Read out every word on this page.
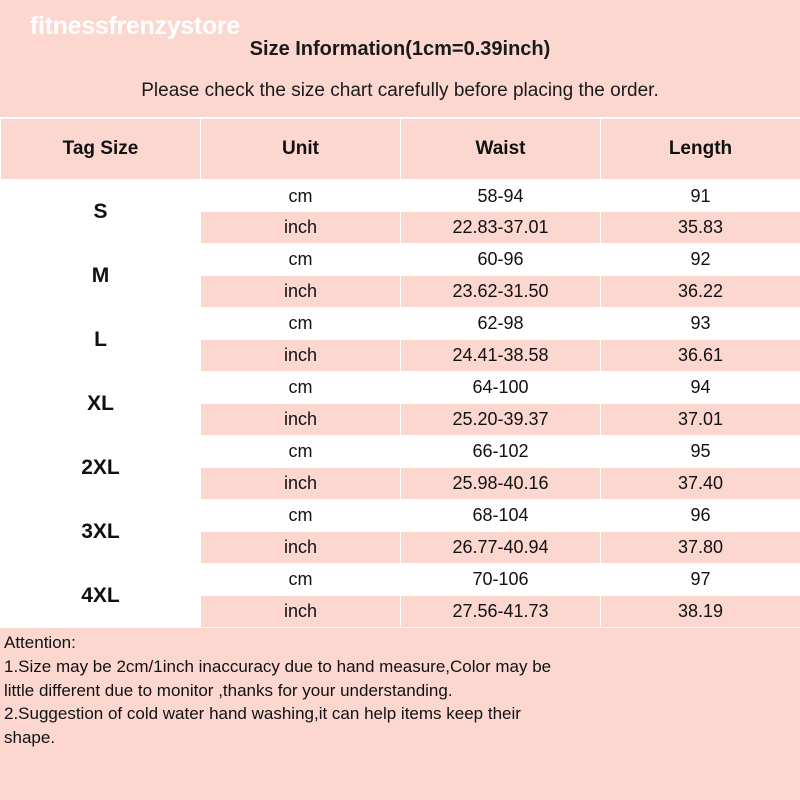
fitnessfrenzystore
Size Information(1cm=0.39inch)
Please check the size chart carefully before placing the order.
Tag Size	Unit	Waist	Length
S	cm	58-94	91
	inch	22.83-37.01	35.83
M	cm	60-96	92
	inch	23.62-31.50	36.22
L	cm	62-98	93
	inch	24.41-38.58	36.61
XL	cm	64-100	94
	inch	25.20-39.37	37.01
2XL	cm	66-102	95
	inch	25.98-40.16	37.40
3XL	cm	68-104	96
	inch	26.77-40.94	37.80
4XL	cm	70-106	97
	inch	27.56-41.73	38.19
Attention:
1.Size may be 2cm/1inch inaccuracy due to hand measure,Color may be
little different due to monitor ,thanks for your understanding.
2.Suggestion of cold water hand washing,it can help items keep their
shape.
